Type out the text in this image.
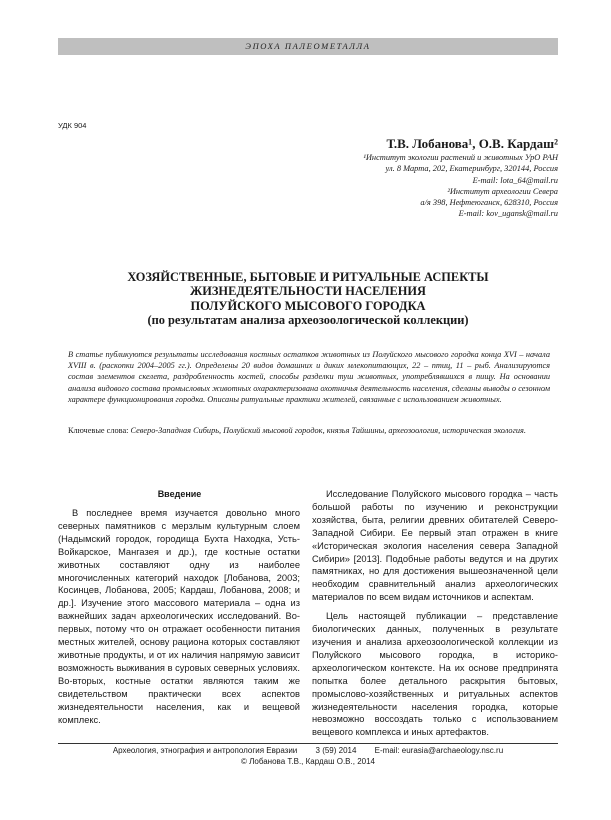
ЭПОХА ПАЛЕОМЕТАЛЛА
УДК 904
Т.В. Лобанова¹, О.В. Кардаш²
¹Институт экологии растений и животных УрО РАН
ул. 8 Марта, 202, Екатеринбург, 320144, Россия
E-mail: lota_64@mail.ru
²Институт археологии Севера
а/я 398, Нефтеюганск, 628310, Россия
E-mail: kov_ugansk@mail.ru
ХОЗЯЙСТВЕННЫЕ, БЫТОВЫЕ И РИТУАЛЬНЫЕ АСПЕКТЫ
ЖИЗНЕДЕЯТЕЛЬНОСТИ НАСЕЛЕНИЯ
ПОЛУЙСКОГО МЫСОВОГО ГОРОДКА
(по результатам анализа археозоологической коллекции)
В статье публикуются результаты исследования костных остатков животных из Полуйского мысового городка конца XVI – начала XVIII в. (раскопки 2004–2005 гг.). Определены 20 видов домашних и диких млекопитающих, 22 – птиц, 11 – рыб. Анализируются состав элементов скелета, раздробленность костей, способы разделки туш животных, употреблявшихся в пищу. На основании анализа видового состава промысловых животных охарактеризована охотничья деятельность населения, сделаны выводы о сезонном характере функционирования городка. Описаны ритуальные практики жителей, связанные с использованием животных.
Ключевые слова: Северо-Западная Сибирь, Полуйский мысовой городок, князья Тайшины, археозоология, историческая экология.
Введение

В последнее время изучается довольно много северных памятников с мерзлым культурным слоем (Надымский городок, городища Бухта Находка, Усть-Войкарское, Мангазея и др.), где костные остатки животных составляют одну из наиболее многочисленных категорий находок [Лобанова, 2003; Косинцев, Лобанова, 2005; Кардаш, Лобанова, 2008; и др.]. Изучение этого массового материала – одна из важнейших задач археологических исследований. Во-первых, потому что он отражает особенности питания местных жителей, основу рациона которых составляют животные продукты, и от их наличия напрямую зависит возможность выживания в суровых северных условиях. Во-вторых, костные остатки являются таким же свидетельством практически всех аспектов жизнедеятельности населения, как и вещевой комплекс.

Исследование Полуйского мысового городка – часть большой работы по изучению и реконструкции хозяйства, быта, религии древних обитателей Северо-Западной Сибири. Ее первый этап отражен в книге «Историческая экология населения севера Западной Сибири» [2013]. Подобные работы ведутся и на других памятниках, но для достижения вышеозначенной цели необходим сравнительный анализ археологических материалов по всем видам источников и аспектам.

Цель настоящей публикации – представление биологических данных, полученных в результате изучения и анализа археозоологической коллекции из Полуйского мысового городка, в историко-археологическом контексте. На их основе предпринята попытка более детального раскрытия бытовых, промыслово-хозяйственных и ритуальных аспектов жизнедеятельности населения городка, которые невозможно воссоздать только с использованием вещевого комплекса и иных артефактов.

Археология, этнография и антропология Евразии 3 (59) 2014 E-mail: eurasia@archaeology.nsc.ru
© Лобанова Т.В., Кардаш О.В., 2014
